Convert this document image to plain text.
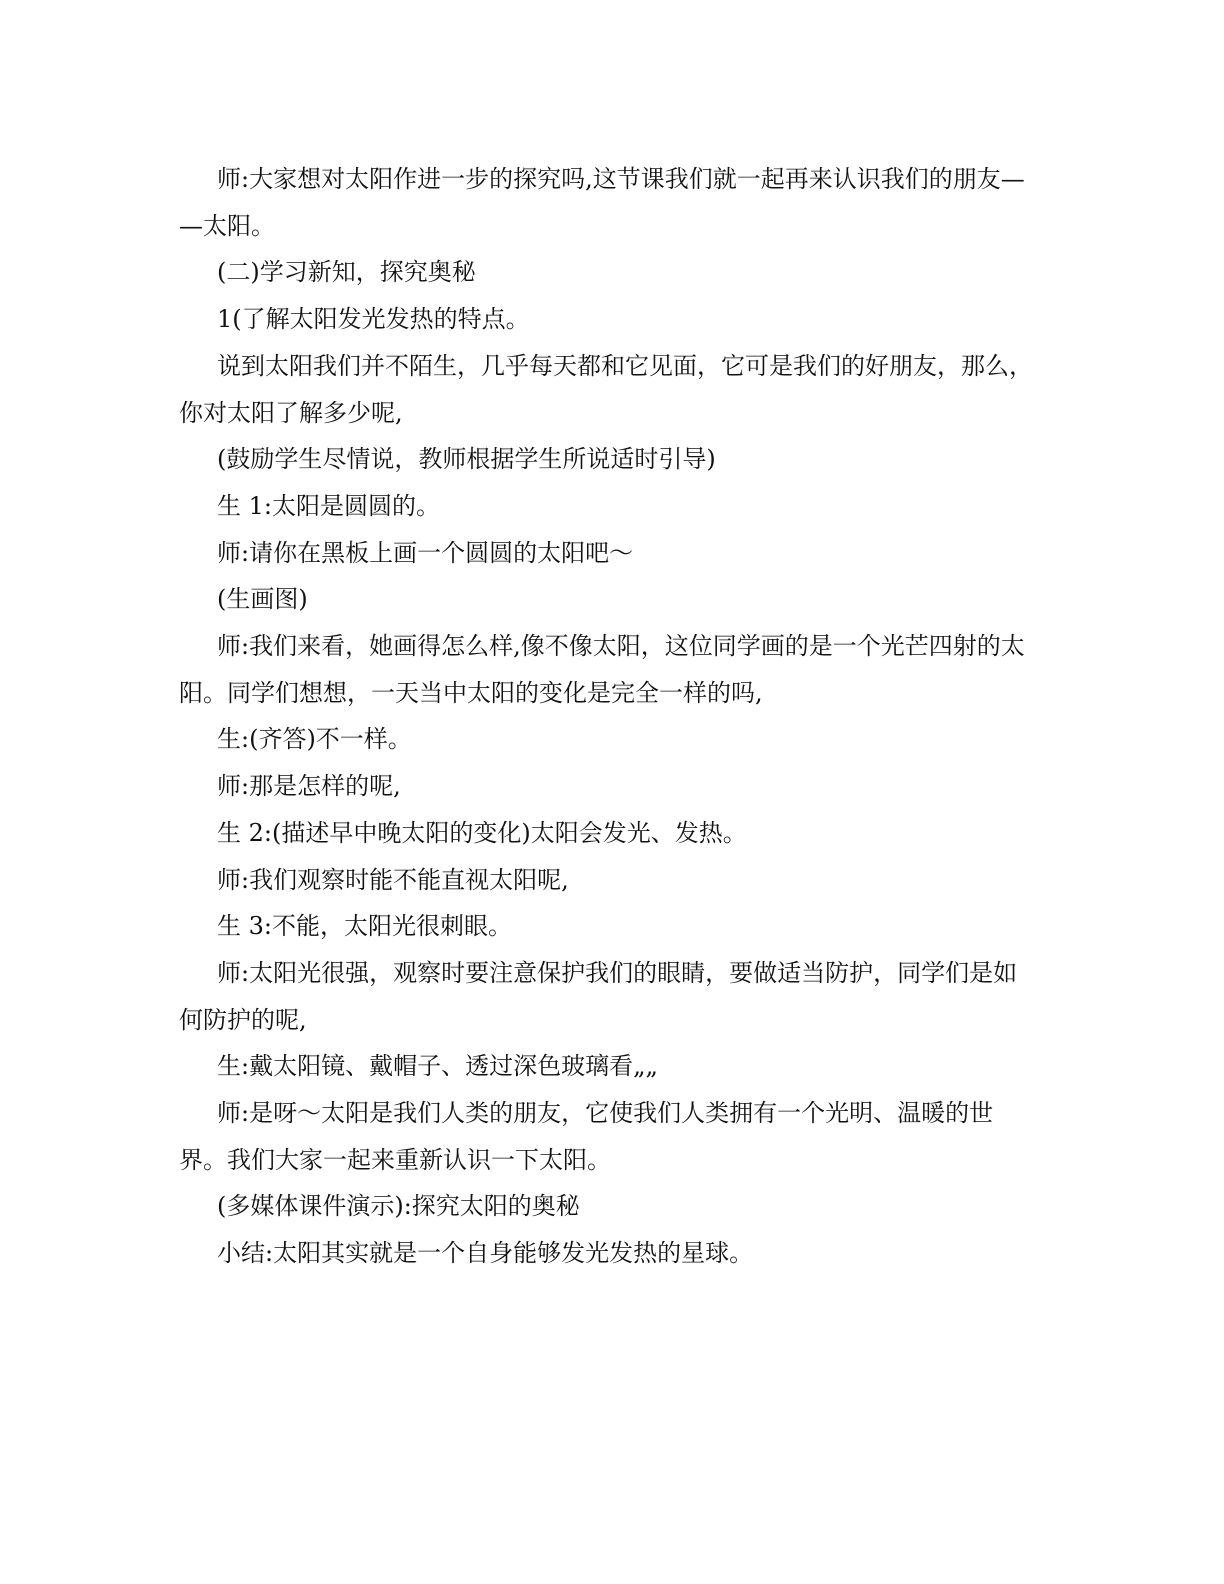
师:大家想对太阳作进一步的探究吗,这节课我们就一起再来认识我们的朋友—

—太阳。

(二)学习新知，探究奥秘

1(了解太阳发光发热的特点。

说到太阳我们并不陌生，几乎每天都和它见面，它可是我们的好朋友，那么，

你对太阳了解多少呢,

(鼓励学生尽情说，教师根据学生所说适时引导)

生 1:太阳是圆圆的。

师:请你在黑板上画一个圆圆的太阳吧～

(生画图)

师:我们来看，她画得怎么样,像不像太阳，这位同学画的是一个光芒四射的太

阳。同学们想想，一天当中太阳的变化是完全一样的吗,

生:(齐答)不一样。

师:那是怎样的呢,

生 2:(描述早中晚太阳的变化)太阳会发光、发热。

师:我们观察时能不能直视太阳呢,

生 3:不能，太阳光很刺眼。

师:太阳光很强，观察时要注意保护我们的眼睛，要做适当防护，同学们是如

何防护的呢,

生:戴太阳镜、戴帽子、透过深色玻璃看„„

师:是呀～太阳是我们人类的朋友，它使我们人类拥有一个光明、温暖的世

界。我们大家一起来重新认识一下太阳。

(多媒体课件演示):探究太阳的奥秘

小结:太阳其实就是一个自身能够发光发热的星球。
